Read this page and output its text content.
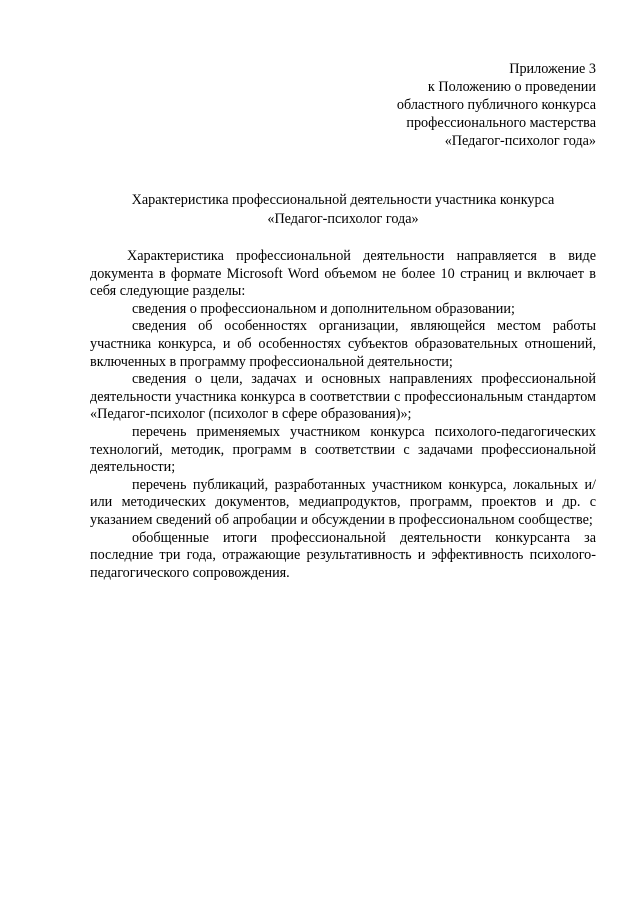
Приложение 3
к Положению о проведении
областного публичного конкурса
профессионального мастерства
«Педагог-психолог года»
Характеристика профессиональной деятельности участника конкурса
«Педагог-психолог года»

Характеристика профессиональной деятельности направляется в виде документа в формате Microsoft Word объемом не более 10 страниц и включает в себя следующие разделы:

сведения о профессиональном и дополнительном образовании;

сведения об особенностях организации, являющейся местом работы участника конкурса, и об особенностях субъектов образовательных отношений, включенных в программу профессиональной деятельности;

сведения о цели, задачах и основных направлениях профессиональной деятельности участника конкурса в соответствии с профессиональным стандартом «Педагог-психолог (психолог в сфере образования)»;

перечень применяемых участником конкурса психолого-педагогических технологий, методик, программ в соответствии с задачами профессиональной деятельности;

перечень публикаций, разработанных участником конкурса, локальных и/или методических документов, медиапродуктов, программ, проектов и др. с указанием сведений об апробации и обсуждении в профессиональном сообществе;

обобщенные итоги профессиональной деятельности конкурсанта за последние три года, отражающие результативность и эффективность психолого-педагогического сопровождения.
